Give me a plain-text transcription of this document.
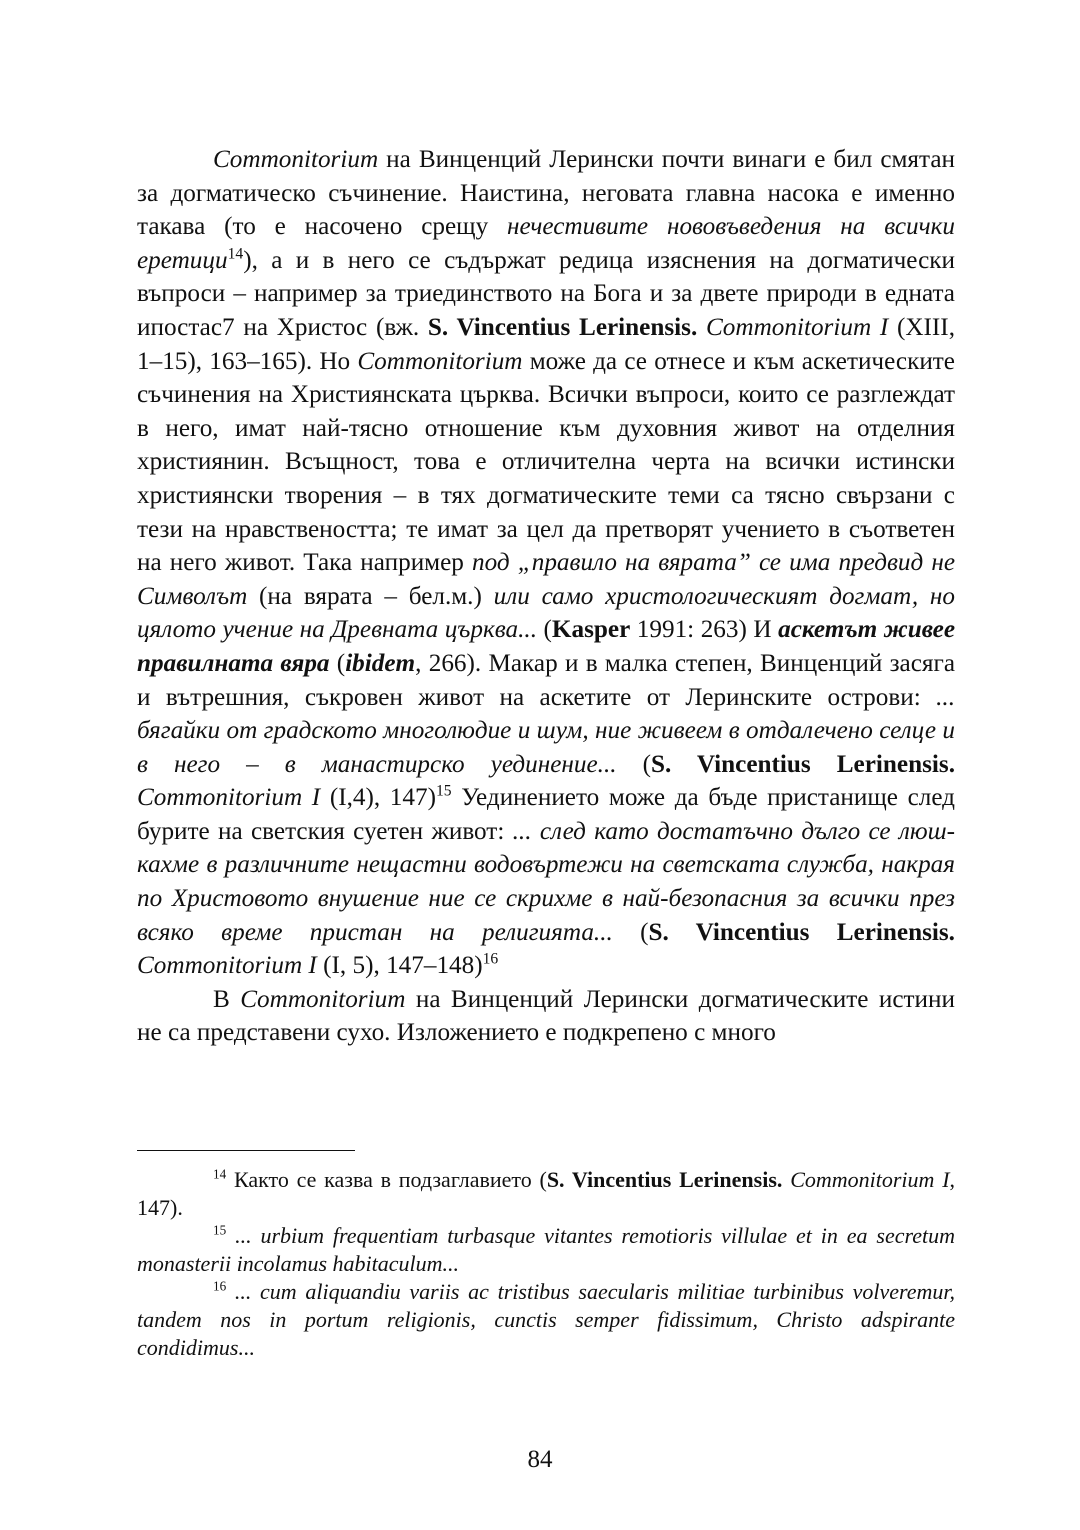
Commonitorium на Винценций Лерински почти винаги е бил смятан за догматическо съчинение. Наистина, неговата главна насока е именно такава (то е насочено срещу нечестивите нововъведения на всички еретици$^{14}$), а и в него се съдържат редица изяснения на догматически въпроси – например за триединството на Бога и за двете природи в едната ипостас7 на Христос (вж. S. Vincentius Lerinensis. Commonitorium I (XIII, 1–15), 163–165). Но Commonitorium може да се отнесе и към аскетическите съчинения на Християнската църква. Всички въпроси, които се разглеждат в него, имат най-тясно отношение към духовния живот на отделния християнин. Всъщност, това е отличителна черта на всички истински християнски творения – в тях догматическите теми са тясно свързани с тези на нравствеността; те имат за цел да претворят учението в съответен на него живот. Така например под „правило на вярата” се има предвид не Символът (на вярата – бел.м.) или само христологическият догмат, но цялото учение на Древната църква... (Kasper 1991: 263) И аскетът живее правилната вяра (ibidem, 266). Макар и в малка степен, Винценций засяга и вътрешния, съкровен живот на аскетите от Леринските острови: ... бягайки от градското многолюдие и шум, ние живеем в отдалечено селце и в него – в манастирско уединение... (S. Vincentius Lerinensis. Commonitorium I (I,4), 147)$^{15}$ Уединението може да бъде пристанище след бурите на светския суетен живот: ... след като достатъчно дълго се люшкахме в различните нещастни водовъртежи на светската служба, накрая по Христовото внушение ние се скрихме в най-безопасния за всички през всяко време пристан на религията... (S. Vincentius Lerinensis. Commonitorium I (I, 5), 147–148)$^{16}$

В Commonitorium на Винценций Лерински догматическите истини не са представени сухо. Изложението е подкрепено с много

$^{14}$ Както се казва в подзаглавието (S. Vincentius Lerinensis. Commonitorium I, 147).

$^{15}$ ... urbium frequentiam turbasque vitantes remotioris villulae et in ea secretum monasterii incolamus habitaculum...

$^{16}$ ... cum aliquandiu variis ac tristibus saecularis militiae turbinibus volveremur, tandem nos in portum religionis, cunctis semper fidissimum, Christo adspirante condidimus...

84
